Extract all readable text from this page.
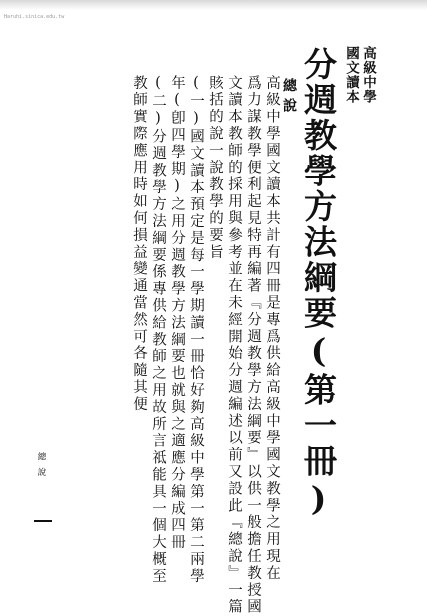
Haruhi.sinica.edu.tw
高級中學
國文讀本
分週教學方法綱要(第一冊)
總說
高級中學國文讀本共計有四冊是專爲供給高級中學國文教學之用現在
爲力謀教學便利起見特再編著『分週教學方法綱要』以供一般擔任教授國
文讀本教師的採用與參考並在未經開始分週編述以前又設此『總說』一篇
賅括的說一說教學的要旨
(一)國文讀本預定是每一學期讀一冊恰好夠高級中學第一第二兩學
年(卽四學期)之用分週教學方法綱要也就與之適應分編成四冊
(二)分週教學方法綱要係專供給教師之用故所言祗能具一個大概至
教師實際應用時如何損益變通當然可各隨其便
總說
